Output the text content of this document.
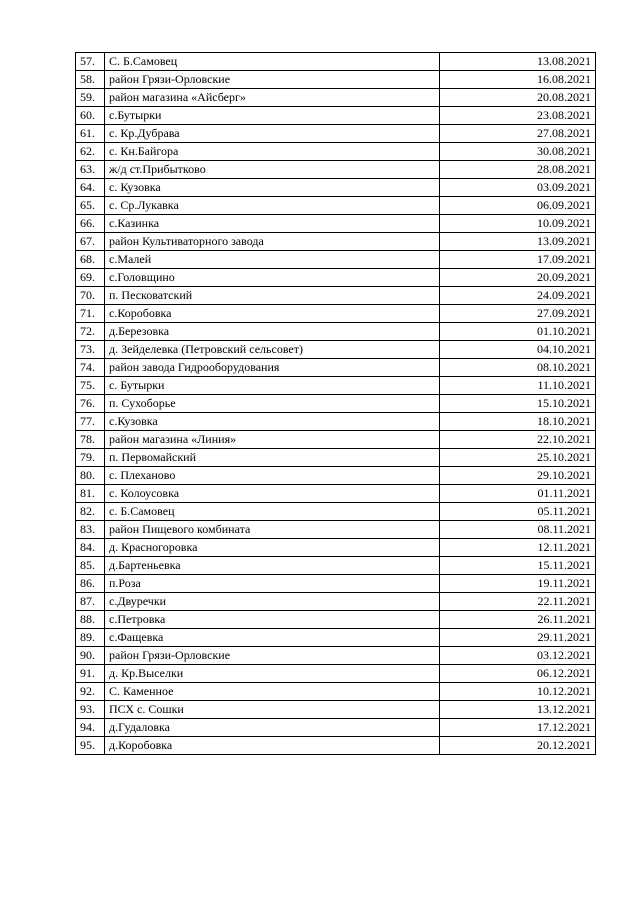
57.	С. Б.Самовец	13.08.2021
58.	район Грязи-Орловские	16.08.2021
59.	район магазина «Айсберг»	20.08.2021
60.	с.Бутырки	23.08.2021
61.	с. Кр.Дубрава	27.08.2021
62.	с. Кн.Байгора	30.08.2021
63.	ж/д ст.Прибытково	28.08.2021
64.	с. Кузовка	03.09.2021
65.	с. Ср.Лукавка	06.09.2021
66.	с.Казинка	10.09.2021
67.	район Культиваторного завода	13.09.2021
68.	с.Малей	17.09.2021
69.	с.Головщино	20.09.2021
70.	п. Песковатский	24.09.2021
71.	с.Коробовка	27.09.2021
72.	д.Березовка	01.10.2021
73.	д. Зейделевка (Петровский сельсовет)	04.10.2021
74.	район завода Гидрооборудования	08.10.2021
75.	с. Бутырки	11.10.2021
76.	п. Сухоборье	15.10.2021
77.	с.Кузовка	18.10.2021
78.	район магазина «Линия»	22.10.2021
79.	п. Первомайский	25.10.2021
80.	с. Плеханово	29.10.2021
81.	с. Колоусовка	01.11.2021
82.	с. Б.Самовец	05.11.2021
83.	район Пищевого комбината	08.11.2021
84.	д. Красногоровка	12.11.2021
85.	д.Бартеньевка	15.11.2021
86.	п.Роза	19.11.2021
87.	с.Двуречки	22.11.2021
88.	с.Петровка	26.11.2021
89.	с.Фащевка	29.11.2021
90.	район Грязи-Орловские	03.12.2021
91.	д. Кр.Выселки	06.12.2021
92.	С. Каменное	10.12.2021
93.	ПСХ с. Сошки	13.12.2021
94.	д.Гудаловка	17.12.2021
95.	д.Коробовка	20.12.2021
